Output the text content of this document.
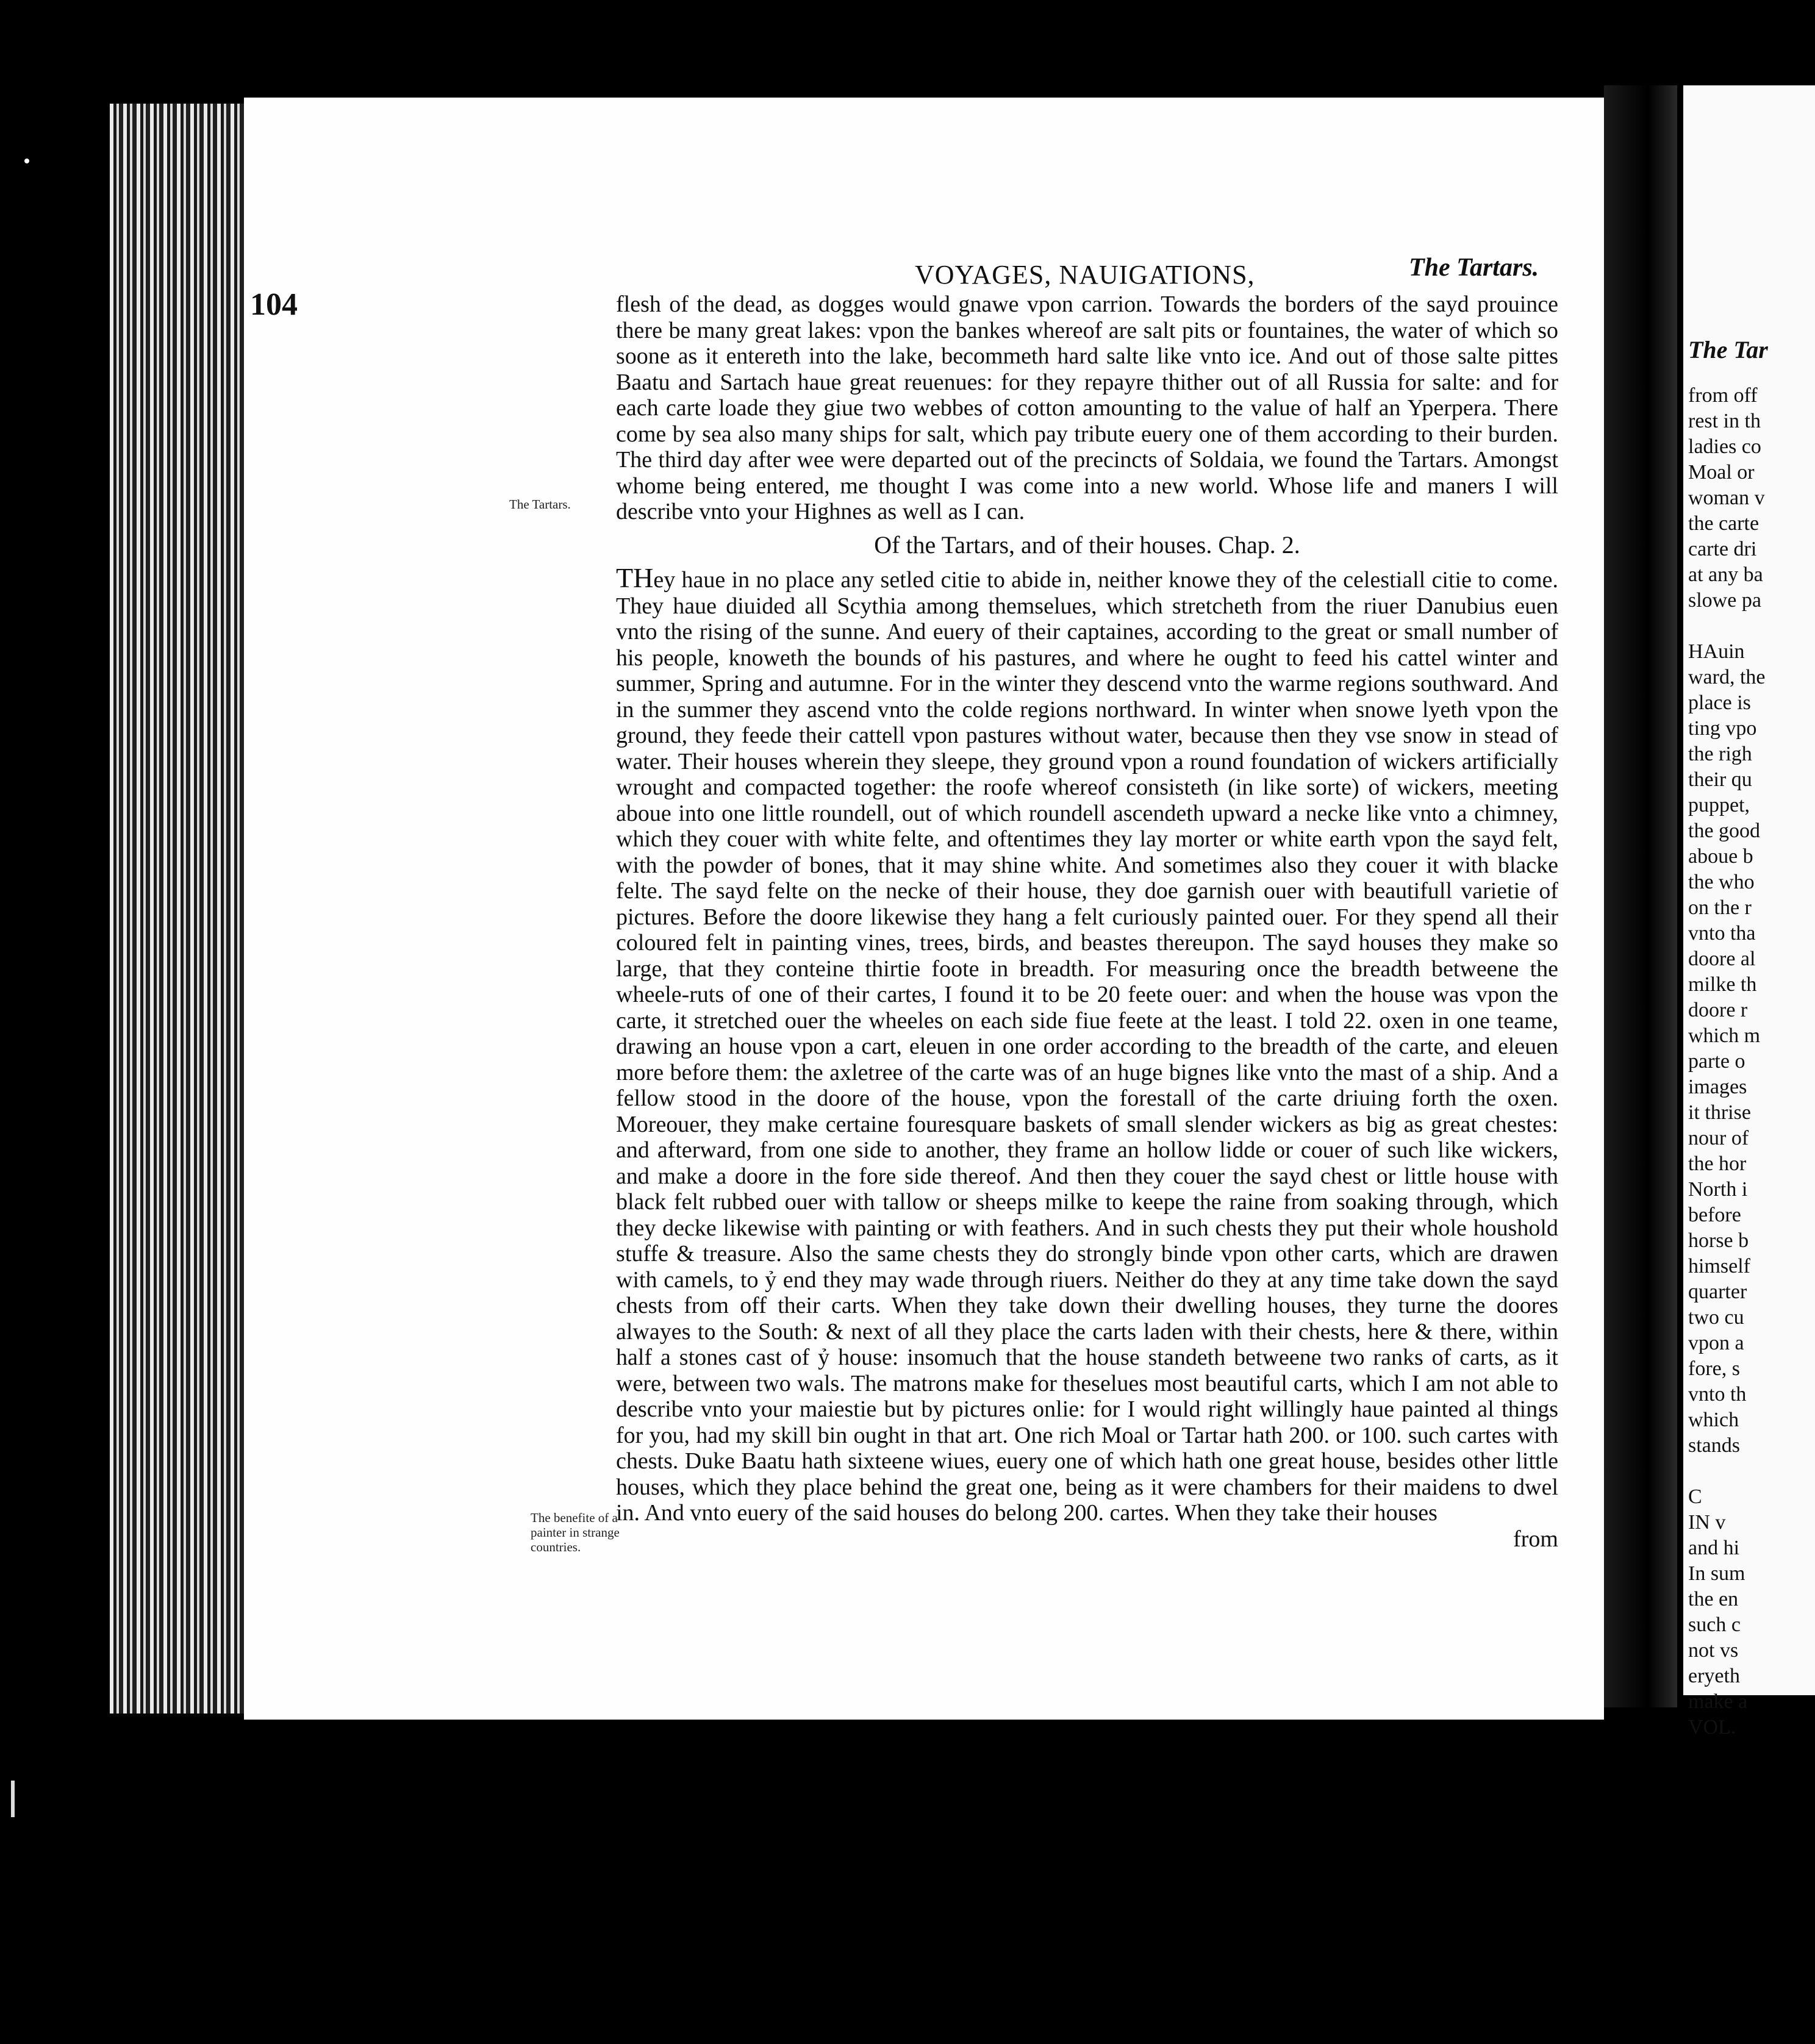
104
VOYAGES, NAUIGATIONS,	The Tartars.

flesh of the dead, as dogges would gnawe vpon carrion. Towards the borders of the sayd prouince there be many great lakes: vpon the bankes whereof are salt pits or fountaines, the water of which so soone as it entereth into the lake, becommeth hard salte like vnto ice. And out of those salte pittes Baatu and Sartach haue great reuenues: for they repayre thither out of all Russia for salte: and for each carte loade they giue two webbes of cotton amounting to the value of half an Yperpera. There come by sea also many ships for salt, which pay tribute euery one of them according to their burden. The third day after wee were departed out of the precincts of Soldaia, we found the Tartars. Amongst whome being entered, me thought I was come into a new world. Whose life and maners I will describe vnto your Highnes as well as I can.

Of the Tartars, and of their houses. Chap. 2.

THey haue in no place any setled citie to abide in, neither knowe they of the celestiall citie to come. They haue diuided all Scythia among themselues, which stretcheth from the riuer Danubius euen vnto the rising of the sunne. And euery of their captaines, according to the great or small number of his people, knoweth the bounds of his pastures, and where he ought to feed his cattel winter and summer, Spring and autumne. For in the winter they descend vnto the warme regions southward. And in the summer they ascend vnto the colde regions northward. In winter when snowe lyeth vpon the ground, they feede their cattell vpon pastures without water, because then they vse snow in stead of water. Their houses wherein they sleepe, they ground vpon a round foundation of wickers artificially wrought and compacted together: the roofe whereof consisteth (in like sorte) of wickers, meeting aboue into one little roundell, out of which roundell ascendeth upward a necke like vnto a chimney, which they couer with white felte, and oftentimes they lay morter or white earth vpon the sayd felt, with the powder of bones, that it may shine white. And sometimes also they couer it with blacke felte. The sayd felte on the necke of their house, they doe garnish ouer with beautifull varietie of pictures. Before the doore likewise they hang a felt curiously painted ouer. For they spend all their coloured felt in painting vines, trees, birds, and beastes thereupon. The sayd houses they make so large, that they conteine thirtie foote in breadth. For measuring once the breadth betweene the wheele-ruts of one of their cartes, I found it to be 20 feete ouer: and when the house was vpon the carte, it stretched ouer the wheeles on each side fiue feete at the least. I told 22. oxen in one teame, drawing an house vpon a cart, eleuen in one order according to the breadth of the carte, and eleuen more before them: the axletree of the carte was of an huge bignes like vnto the mast of a ship. And a fellow stood in the doore of the house, vpon the forestall of the carte driuing forth the oxen. Moreouer, they make certaine fouresquare baskets of small slender wickers as big as great chestes: and afterward, from one side to another, they frame an hollow lidde or couer of such like wickers, and make a doore in the fore side thereof. And then they couer the sayd chest or little house with black felt rubbed ouer with tallow or sheeps milke to keepe the raine from soaking through, which they decke likewise with painting or with feathers. And in such chests they put their whole houshold stuffe & treasure. Also the same chests they do strongly binde vpon other carts, which are drawen with camels, to ỷ end they may wade through riuers. Neither do they at any time take down the sayd chests from off their carts. When they take down their dwelling houses, they turne the doores alwayes to the South: & next of all they place the carts laden with their chests, here & there, within half a stones cast of ỷ house: insomuch that the house standeth betweene two ranks of carts, as it were, between two wals. The matrons make for theselues most beautiful carts, which I am not able to describe vnto your maiestie but by pictures onlie: for I would right willingly haue painted al things for you, had my skill bin ought in that art. One rich Moal or Tartar hath 200. or 100. such cartes with chests. Duke Baatu hath sixteene wiues, euery one of which hath one great house, besides other little houses, which they place behind the great one, being as it were chambers for their maidens to dwel in. And vnto euery of the said houses do belong 200. cartes. When they take their houses

from

The Tartars.
The benefite of a painter in strange countries.
The Tar
from off
rest in th
ladies co
Moal or
woman v
the carte
carte dri
at any ba
slowe pa
HAuin
ward, the
place is
ting vpo
the righ
their qu
puppet,
the good
aboue b
the who
on the r
vnto tha
doore al
milke th
doore r
which m
parte o
images
it thrise
nour of
the hor
North i
before
horse b
himself
quarter
two cu
vpon a
fore, s
vnto th
which
stands
C
IN v
and hi
In sum
the en
such c
not vs
eryeth
make a
VOL.
